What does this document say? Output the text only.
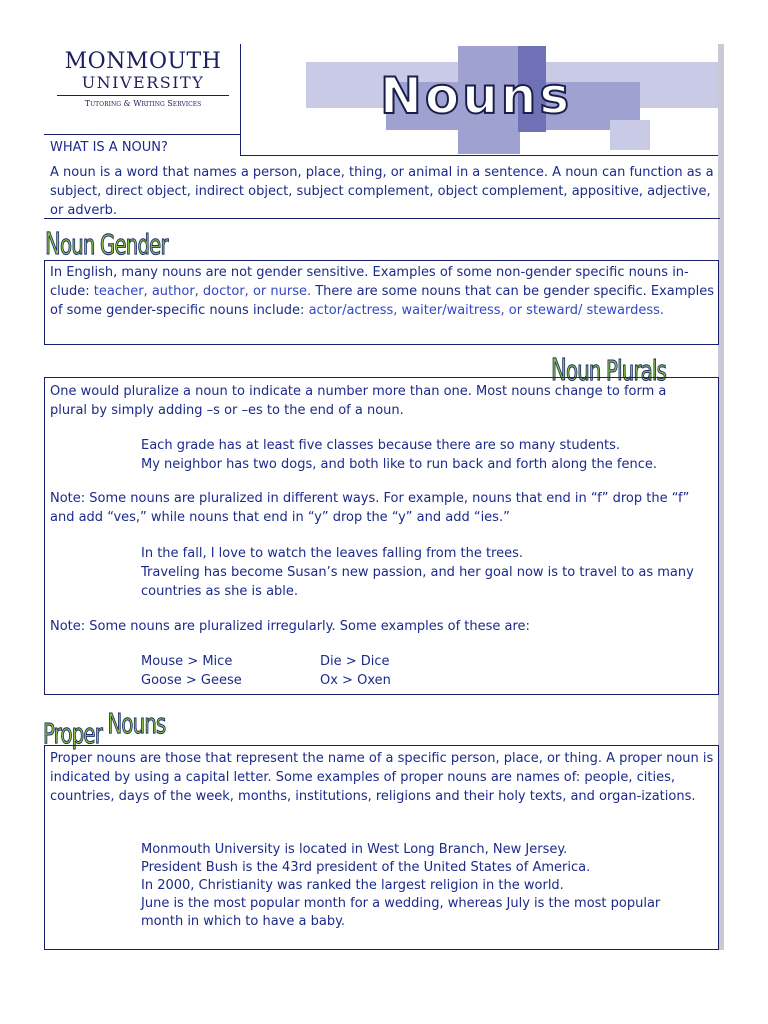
MONMOUTH
UNIVERSITY
Tutoring & Writing Services	Nouns
WHAT IS A NOUN?
A noun is a word that names a person, place, thing, or animal in a sentence. A noun can function as a subject, direct object, indirect object, subject complement, object complement, appositive, adjective, or adverb.
Noun Gender
In English, many nouns are not gender sensitive. Examples of some non-gender specific nouns in-clude: teacher, author, doctor, or nurse. There are some nouns that can be gender specific. Examples of some gender-specific nouns include: actor/actress, waiter/waitress, or steward/ stewardess.
Noun Plurals
One would pluralize a noun to indicate a number more than one. Most nouns change to form a plural by simply adding –s or –es to the end of a noun.
Each grade has at least five classes because there are so many students.
My neighbor has two dogs, and both like to run back and forth along the fence.
Note: Some nouns are pluralized in different ways. For example, nouns that end in “f” drop the “f” and add “ves,” while nouns that end in “y” drop the “y” and add “ies.”
In the fall, I love to watch the leaves falling from the trees.
Traveling has become Susan’s new passion, and her goal now is to travel to as many
countries as she is able.
Note: Some nouns are pluralized irregularly. Some examples of these are:
Mouse > Mice	Die > Dice
Goose > Geese	Ox > Oxen
Proper Nouns
Proper nouns are those that represent the name of a specific person, place, or thing. A proper noun is indicated by using a capital letter. Some examples of proper nouns are names of: people, cities, countries, days of the week, months, institutions, religions and their holy texts, and organ-izations.
Monmouth University is located in West Long Branch, New Jersey.
President Bush is the 43rd president of the United States of America.
In 2000, Christianity was ranked the largest religion in the world.
June is the most popular month for a wedding, whereas July is the most popular
month in which to have a baby.
